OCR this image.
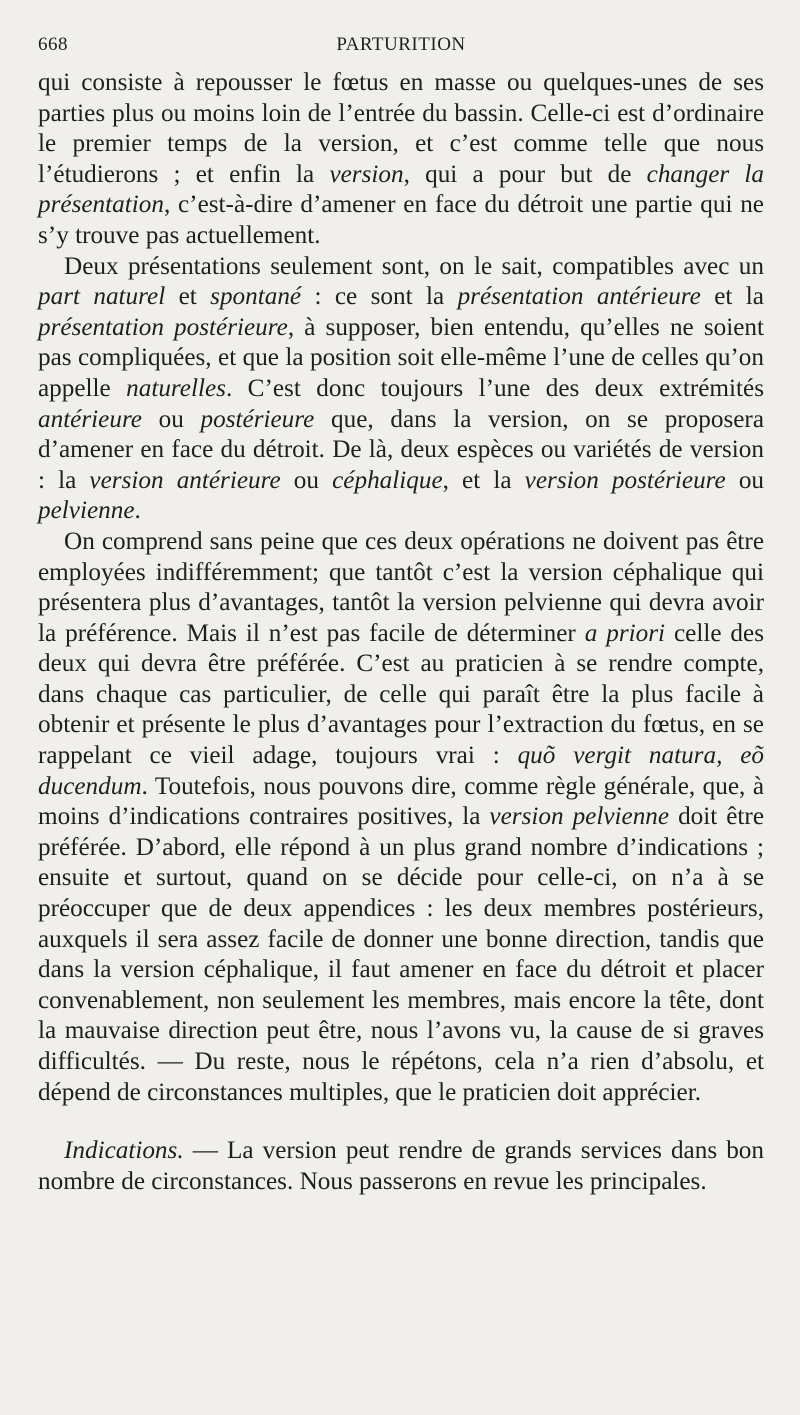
668	PARTURITION

qui consiste à repousser le fœtus en masse ou quelques-unes de ses parties plus ou moins loin de l’entrée du bassin. Celle-ci est d’ordinaire le premier temps de la version, et c’est comme telle que nous l’étudierons ; et enfin la version, qui a pour but de changer la présentation, c’est-à-dire d’amener en face du détroit une partie qui ne s’y trouve pas actuellement.

Deux présentations seulement sont, on le sait, compatibles avec un part naturel et spontané : ce sont la présentation antérieure et la présentation postérieure, à supposer, bien entendu, qu’elles ne soient pas compliquées, et que la position soit elle-même l’une de celles qu’on appelle naturelles. C’est donc toujours l’une des deux extrémités antérieure ou postérieure que, dans la version, on se proposera d’amener en face du détroit. De là, deux espèces ou variétés de version : la version antérieure ou céphalique, et la version postérieure ou pelvienne.

On comprend sans peine que ces deux opérations ne doivent pas être employées indifféremment; que tantôt c’est la version céphalique qui présentera plus d’avantages, tantôt la version pelvienne qui devra avoir la préférence. Mais il n’est pas facile de déterminer a priori celle des deux qui devra être préférée. C’est au praticien à se rendre compte, dans chaque cas particulier, de celle qui paraît être la plus facile à obtenir et présente le plus d’avantages pour l’extraction du fœtus, en se rappelant ce vieil adage, toujours vrai : quõ vergit natura, eõ ducendum. Toutefois, nous pouvons dire, comme règle générale, que, à moins d’indications contraires positives, la version pelvienne doit être préférée. D’abord, elle répond à un plus grand nombre d’indications ; ensuite et surtout, quand on se décide pour celle-ci, on n’a à se préoccuper que de deux appendices : les deux membres postérieurs, auxquels il sera assez facile de donner une bonne direction, tandis que dans la version céphalique, il faut amener en face du détroit et placer convenablement, non seulement les membres, mais encore la tête, dont la mauvaise direction peut être, nous l’avons vu, la cause de si graves difficultés. — Du reste, nous le répétons, cela n’a rien d’absolu, et dépend de circonstances multiples, que le praticien doit apprécier.

Indications. — La version peut rendre de grands services dans bon nombre de circonstances. Nous passerons en revue les principales.
